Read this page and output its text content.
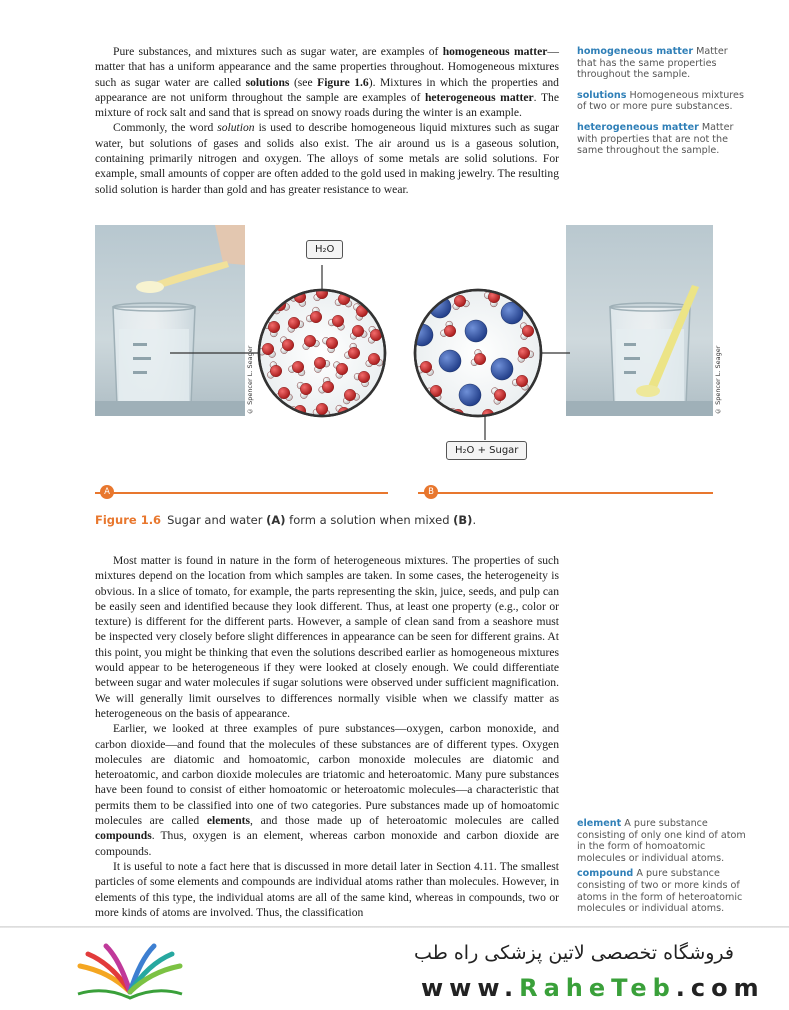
Pure substances, and mixtures such as sugar water, are examples of homogeneous matter—matter that has a uniform appearance and the same properties throughout. Homogeneous mixtures such as sugar water are called solutions (see Figure 1.6). Mixtures in which the properties and appearance are not uniform throughout the sample are examples of heterogeneous matter. The mixture of rock salt and sand that is spread on snowy roads during the winter is an example.

Commonly, the word solution is used to describe homogeneous liquid mixtures such as sugar water, but solutions of gases and solids also exist. The air around us is a gaseous solution, containing primarily nitrogen and oxygen. The alloys of some metals are solid solutions. For example, small amounts of copper are often added to the gold used in making jewelry. The resulting solid solution is harder than gold and has greater resistance to wear.

homogeneous matter Matter that has the same properties throughout the sample.
solutions Homogeneous mixtures of two or more pure substances.
heterogeneous matter Matter with properties that are not the same throughout the sample.
© Spencer L. Seager	© Spencer L. Seager
H₂O
H₂O + Sugar
A	B
Figure 1.6 Sugar and water (A) form a solution when mixed (B).

Most matter is found in nature in the form of heterogeneous mixtures. The properties of such mixtures depend on the location from which samples are taken. In some cases, the heterogeneity is obvious. In a slice of tomato, for example, the parts representing the skin, juice, seeds, and pulp can be easily seen and identified because they look different. Thus, at least one property (e.g., color or texture) is different for the different parts. However, a sample of clean sand from a seashore must be inspected very closely before slight differences in appearance can be seen for different grains. At this point, you might be thinking that even the solutions described earlier as homogeneous mixtures would appear to be heterogeneous if they were looked at closely enough. We could differentiate between sugar and water molecules if sugar solutions were observed under sufficient magnification. We will generally limit ourselves to differences normally visible when we classify matter as heterogeneous on the basis of appearance.

Earlier, we looked at three examples of pure substances—oxygen, carbon monoxide, and carbon dioxide—and found that the molecules of these substances are of different types. Oxygen molecules are diatomic and homoatomic, carbon monoxide molecules are diatomic and heteroatomic, and carbon dioxide molecules are triatomic and heteroatomic. Many pure substances have been found to consist of either homoatomic or heteroatomic molecules—a characteristic that permits them to be classified into one of two categories. Pure substances made up of homoatomic molecules are called elements, and those made up of heteroatomic molecules are called compounds. Thus, oxygen is an element, whereas carbon monoxide and carbon dioxide are compounds.

It is useful to note a fact here that is discussed in more detail later in Section 4.11. The smallest particles of some elements and compounds are individual atoms rather than molecules. However, in elements of this type, the individual atoms are all of the same kind, whereas in compounds, two or more kinds of atoms are involved. Thus, the classification

element A pure substance consisting of only one kind of atom in the form of homoatomic molecules or individual atoms.
compound A pure substance consisting of two or more kinds of atoms in the form of heteroatomic molecules or individual atoms.
فروشگاه تخصصی لاتین پزشکی راه طب
www.RaheTeb.com
